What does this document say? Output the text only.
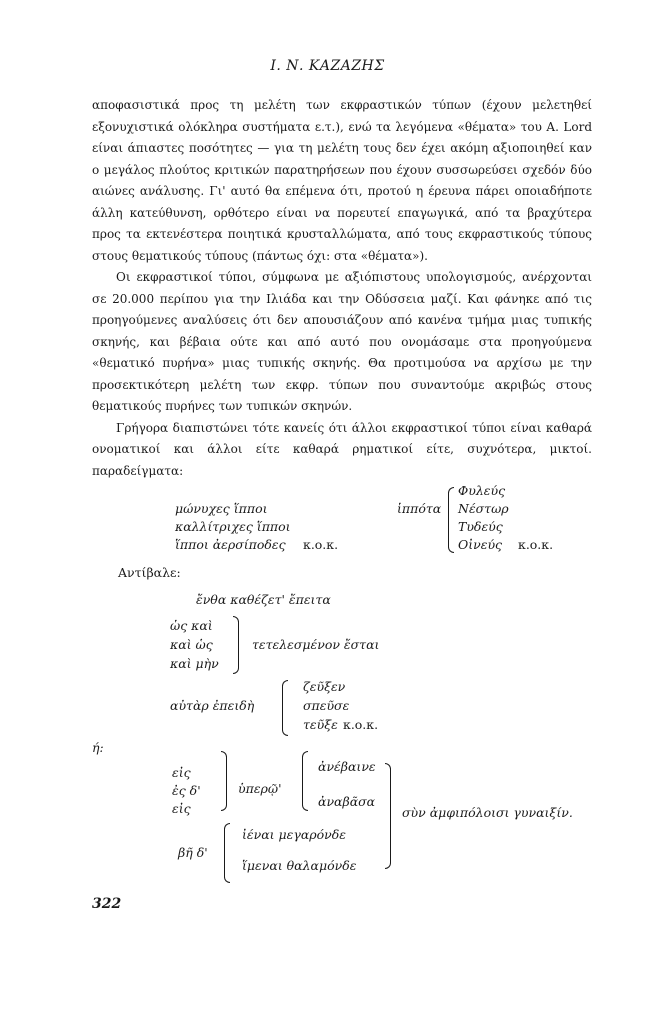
Ι. Ν. ΚΑΖΑΖΗΣ

αποφασιστικά προς τη μελέτη των εκφραστικών τύπων (έχουν μελετηθεί εξονυχιστικά ολόκληρα συστήματα ε.τ.), ενώ τα λεγόμενα «θέματα» του A. Lord είναι άπιαστες ποσότητες — για τη μελέτη τους δεν έχει ακόμη αξιοποιηθεί καν ο μεγάλος πλούτος κριτικών παρατηρήσεων που έχουν συσσωρεύσει σχεδόν δύο αιώνες ανάλυσης. Γι' αυτό θα επέμενα ότι, προτού η έρευνα πάρει οποιαδήποτε άλλη κατεύθυνση, ορθότερο είναι να πορευτεί επαγωγικά, από τα βραχύτερα προς τα εκτενέστερα ποιητικά κρυσταλλώματα, από τους εκφραστικούς τύπους στους θεματικούς τύπους (πάντως όχι: στα «θέματα»).

Οι εκφραστικοί τύποι, σύμφωνα με αξιόπιστους υπολογισμούς, ανέρχονται σε 20.000 περίπου για την Ιλιάδα και την Οδύσσεια μαζί. Και φάνηκε από τις προηγούμενες αναλύσεις ότι δεν απουσιάζουν από κανένα τμήμα μιας τυπικής σκηνής, και βέβαια ούτε και από αυτό που ονομάσαμε στα προηγούμενα «θεματικό πυρήνα» μιας τυπικής σκηνής. Θα προτιμούσα να αρχίσω με την προσεκτικότερη μελέτη των εκφρ. τύπων που συναντούμε ακριβώς στους θεματικούς πυρήνες των τυπικών σκηνών.

Γρήγορα διαπιστώνει τότε κανείς ότι άλλοι εκφραστικοί τύποι είναι καθαρά ονοματικοί και άλλοι είτε καθαρά ρηματικοί είτε, συχνότερα, μικτοί. παραδείγματα:

μώνυχες ἵπποι
καλλίτριχες ἵπποι
ἵπποι ἀερσίποδες κ.ο.κ.
ἱππότα
Φυλεύς
Νέστωρ
Τυδεύς
Οἰνεύς κ.ο.κ.
Αντίβαλε:
ἔνθα καθέζετ' ἔπειτα
ὡς καὶ
καὶ ὡς
καὶ μὴν
τετελεσμένον ἔσται
αὐτὰρ ἐπειδὴ
ζεῦξεν
σπεῦσε
τεῦξε κ.ο.κ.
ή:
εἰς
ἐς δ'
εἰς
ὑπερῷ'
ἀνέβαινε
ἀναβᾶσα
βῆ δ'
ἰέναι μεγαρόνδε
ἵμεναι θαλαμόνδε
σὺν ἀμφιπόλοισι γυναιξίν.
322
